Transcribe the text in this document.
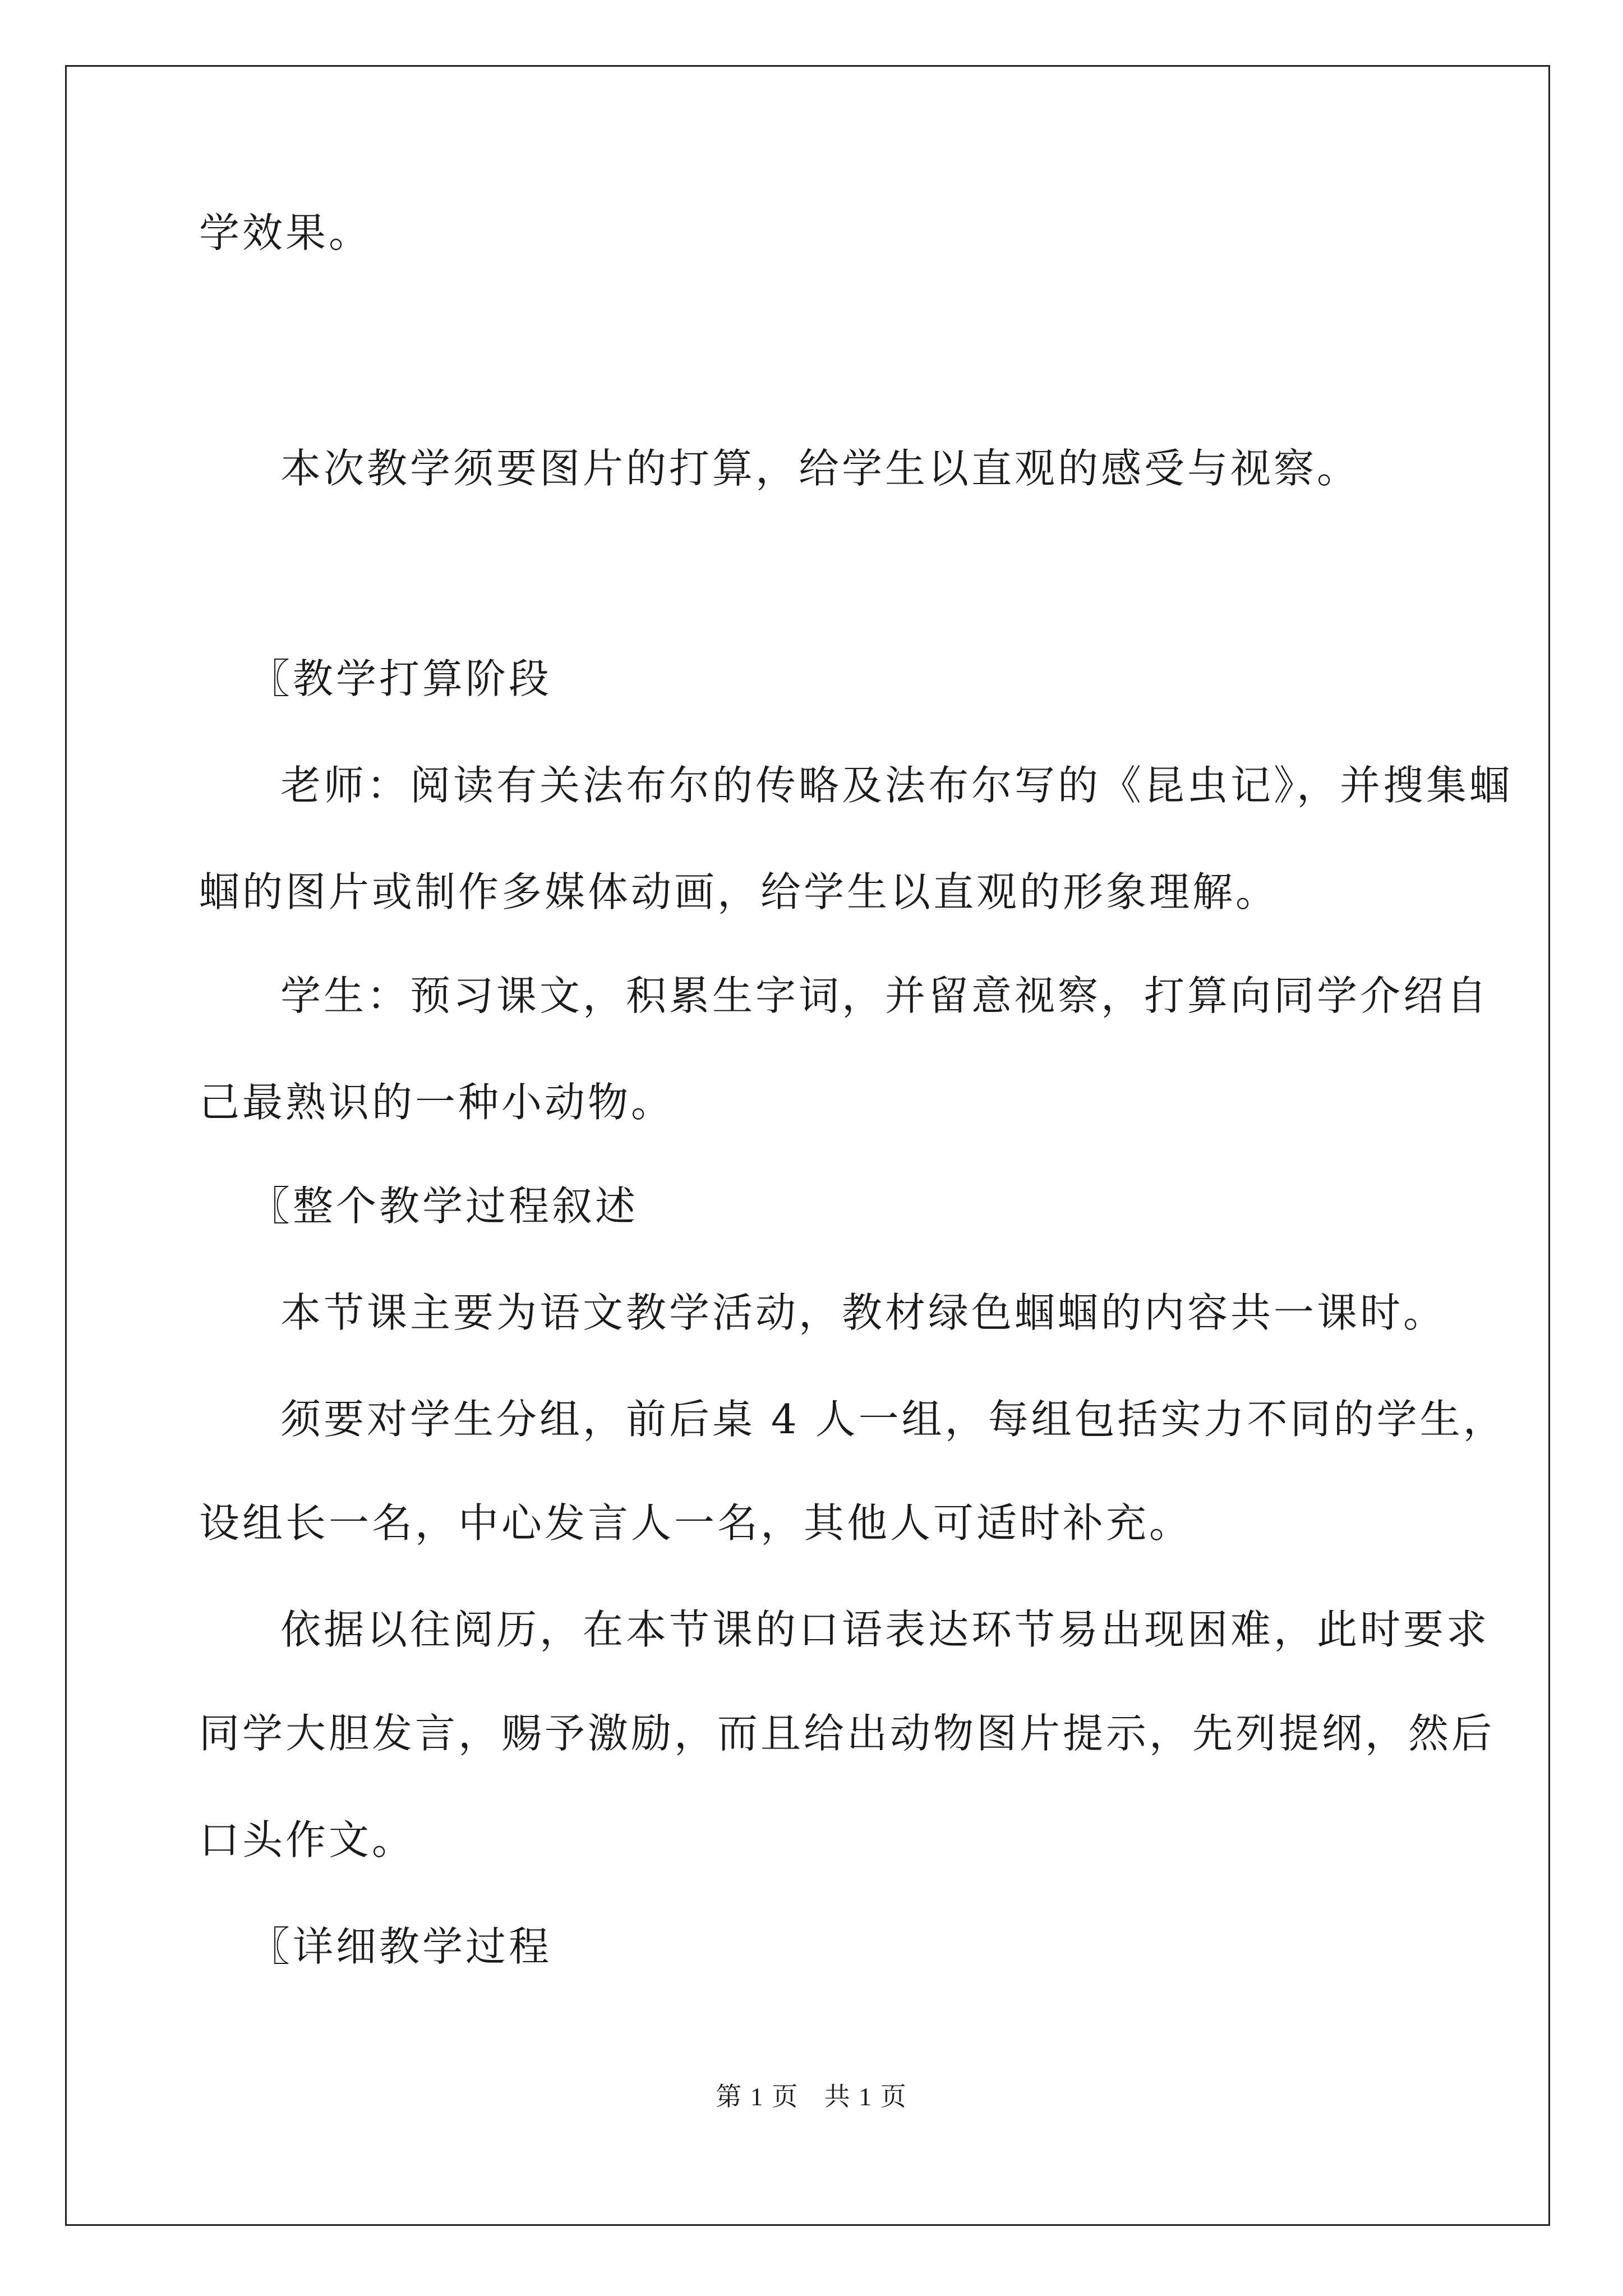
学效果。
本次教学须要图片的打算，给学生以直观的感受与视察。
〖教学打算阶段
老师：阅读有关法布尔的传略及法布尔写的《昆虫记》，并搜集蝈
蝈的图片或制作多媒体动画，给学生以直观的形象理解。
学生：预习课文，积累生字词，并留意视察，打算向同学介绍自
己最熟识的一种小动物。
〖整个教学过程叙述
本节课主要为语文教学活动，教材绿色蝈蝈的内容共一课时。
须要对学生分组，前后桌 4 人一组，每组包括实力不同的学生，
设组长一名，中心发言人一名，其他人可适时补充。
依据以往阅历，在本节课的口语表达环节易出现困难，此时要求
同学大胆发言，赐予激励，而且给出动物图片提示，先列提纲，然后
口头作文。
〖详细教学过程
第 1 页 共 1 页
